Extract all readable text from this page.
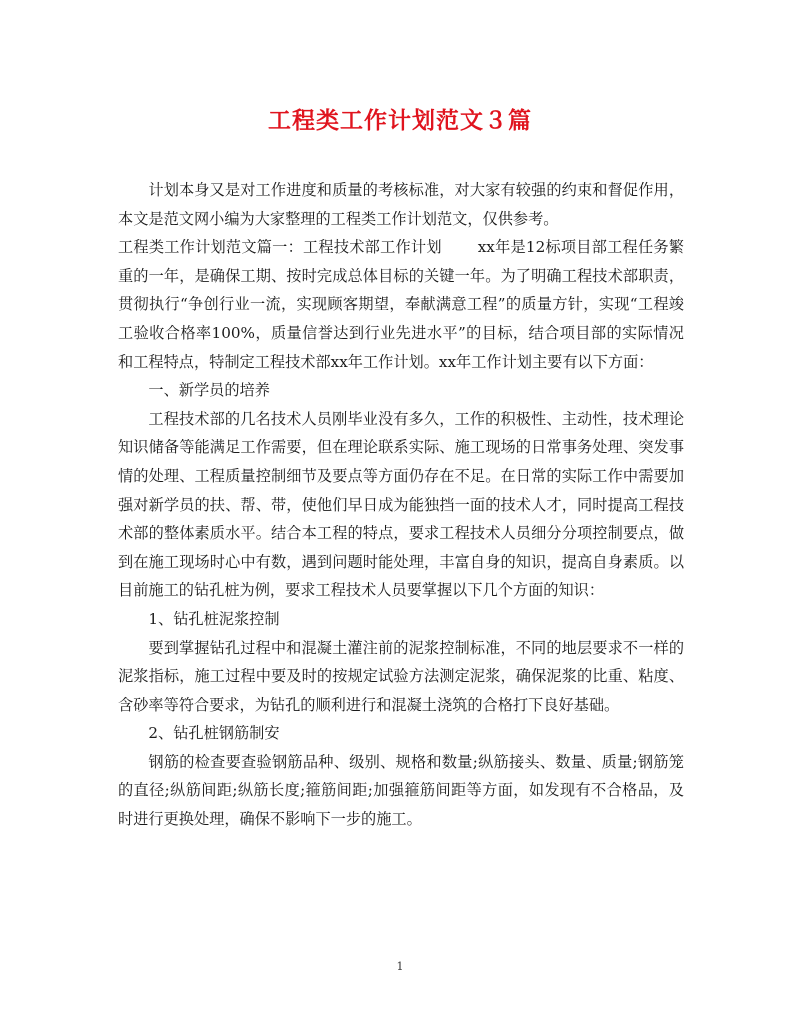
工程类工作计划范文３篇

计划本身又是对工作进度和质量的考核标准，对大家有较强的约束和督促作用，本文是范文网小编为大家整理的工程类工作计划范文，仅供参考。

工程类工作计划范文篇一：工程技术部工作计划 xx年是12标项目部工程任务繁重的一年，是确保工期、按时完成总体目标的关键一年。为了明确工程技术部职责，贯彻执行“争创行业一流，实现顾客期望，奉献满意工程”的质量方针，实现“工程竣工验收合格率100%，质量信誉达到行业先进水平”的目标，结合项目部的实际情况和工程特点，特制定工程技术部xx年工作计划。xx年工作计划主要有以下方面：

一、新学员的培养

工程技术部的几名技术人员刚毕业没有多久，工作的积极性、主动性，技术理论知识储备等能满足工作需要，但在理论联系实际、施工现场的日常事务处理、突发事情的处理、工程质量控制细节及要点等方面仍存在不足。在日常的实际工作中需要加强对新学员的扶、帮、带，使他们早日成为能独挡一面的技术人才，同时提高工程技术部的整体素质水平。结合本工程的特点，要求工程技术人员细分分项控制要点，做到在施工现场时心中有数，遇到问题时能处理，丰富自身的知识，提高自身素质。以目前施工的钻孔桩为例，要求工程技术人员要掌握以下几个方面的知识：

1、钻孔桩泥浆控制

要到掌握钻孔过程中和混凝土灌注前的泥浆控制标准，不同的地层要求不一样的泥浆指标，施工过程中要及时的按规定试验方法测定泥浆，确保泥浆的比重、粘度、含砂率等符合要求，为钻孔的顺利进行和混凝土浇筑的合格打下良好基础。

2、钻孔桩钢筋制安

钢筋的检查要查验钢筋品种、级别、规格和数量;纵筋接头、数量、质量;钢筋笼的直径;纵筋间距;纵筋长度;箍筋间距;加强箍筋间距等方面，如发现有不合格品，及时进行更换处理，确保不影响下一步的施工。

1
